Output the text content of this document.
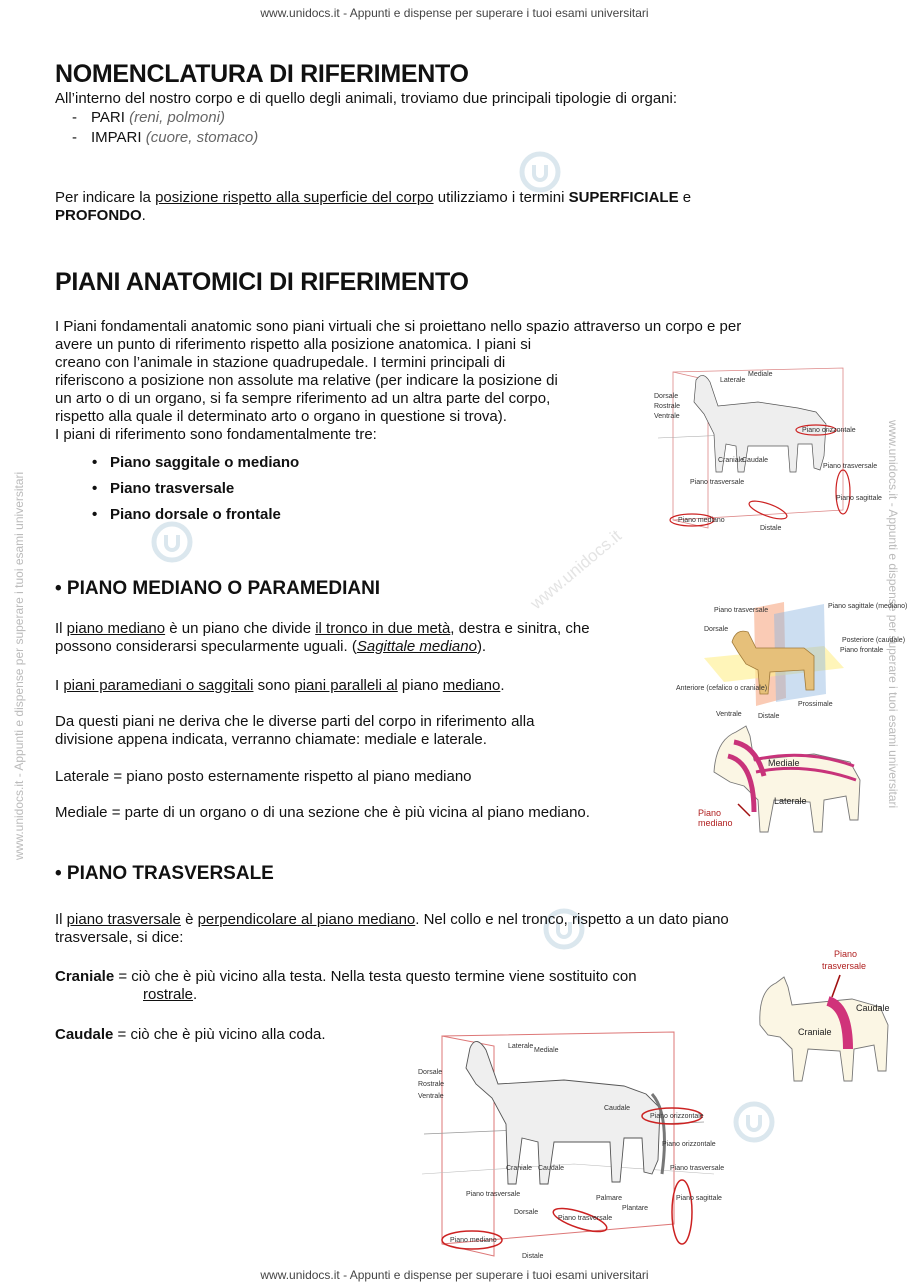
www.unidocs.it - Appunti e dispense per superare i tuoi esami universitari
www.unidocs.it - Appunti e dispense per superare i tuoi esami universitari
www.unidocs.it - Appunti e dispense per superare i tuoi esami universitari	www.unidocs.it - Appunti e dispense per superare i tuoi esami universitari
www.unidocs.it
NOMENCLATURA DI RIFERIMENTO

All’interno del nostro corpo e di quello degli animali, troviamo due principali tipologie di organi:

- PARI (reni, polmoni)
- IMPARI (cuore, stomaco)

Per indicare la posizione rispetto alla superficie del corpo utilizziamo i termini SUPERFICIALE e
PROFONDO.

PIANI ANATOMICI DI RIFERIMENTO

I Piani fondamentali anatomic sono piani virtuali che si proiettano nello spazio attraverso un corpo e per
avere un punto di riferimento rispetto alla posizione anatomica. I piani si
creano con l’animale in stazione quadrupedale. I termini principali di
riferiscono a posizione non assolute ma relative (per indicare la posizione di
un arto o di un organo, si fa sempre riferimento ad un altra parte del corpo,
rispetto alla quale il determinato arto o organo in questione si trova).
I piani di riferimento sono fondamentalmente tre:

• Piano saggitale o mediano
• Piano trasversale
• Piano dorsale o frontale
Dorsale
Rostrale
Ventrale
Laterale
Mediale
Craniale
Caudale
Piano orizzontale
Piano trasversale
Piano mediano
Piano trasversale
Piano sagittale
Distale
• PIANO MEDIANO O PARAMEDIANI

Il piano mediano è un piano che divide il tronco in due metà, destra e sinitra, che
possono considerarsi specularmente uguali. (Sagittale mediano).

I piani paramediani o saggitali sono piani paralleli al piano mediano.

Da questi piani ne deriva che le diverse parti del corpo in riferimento alla
divisione appena indicata, verranno chiamate: mediale e laterale.

Laterale = piano posto esternamente rispetto al piano mediano

Mediale = parte di un organo o di una sezione che è più vicina al piano mediano.

Piano trasversale
Dorsale
Piano sagittale (mediano)
Posteriore (caudale)
Piano frontale
Anteriore (cefalico o craniale)
Ventrale Distale
Prossimale
Mediale
Laterale
Piano
mediano
• PIANO TRASVERSALE

Il piano trasversale è perpendicolare al piano mediano. Nel collo e nel tronco, rispetto a un dato piano
trasversale, si dice:

Craniale = ciò che è più vicino alla testa. Nella testa questo termine viene sostituito con
rostrale.

Caudale = ciò che è più vicino alla coda.

Piano
trasversale
Caudale
Craniale
Laterale
Mediale
Dorsale
Rostrale
Ventrale
Craniale Caudale
Caudale
Piano orizzontale
Piano orizzontale
Piano trasversale
Piano trasversale
Piano trasversale
Piano mediano
Dorsale
Palmare
Plantare
Piano sagittale
Distale
